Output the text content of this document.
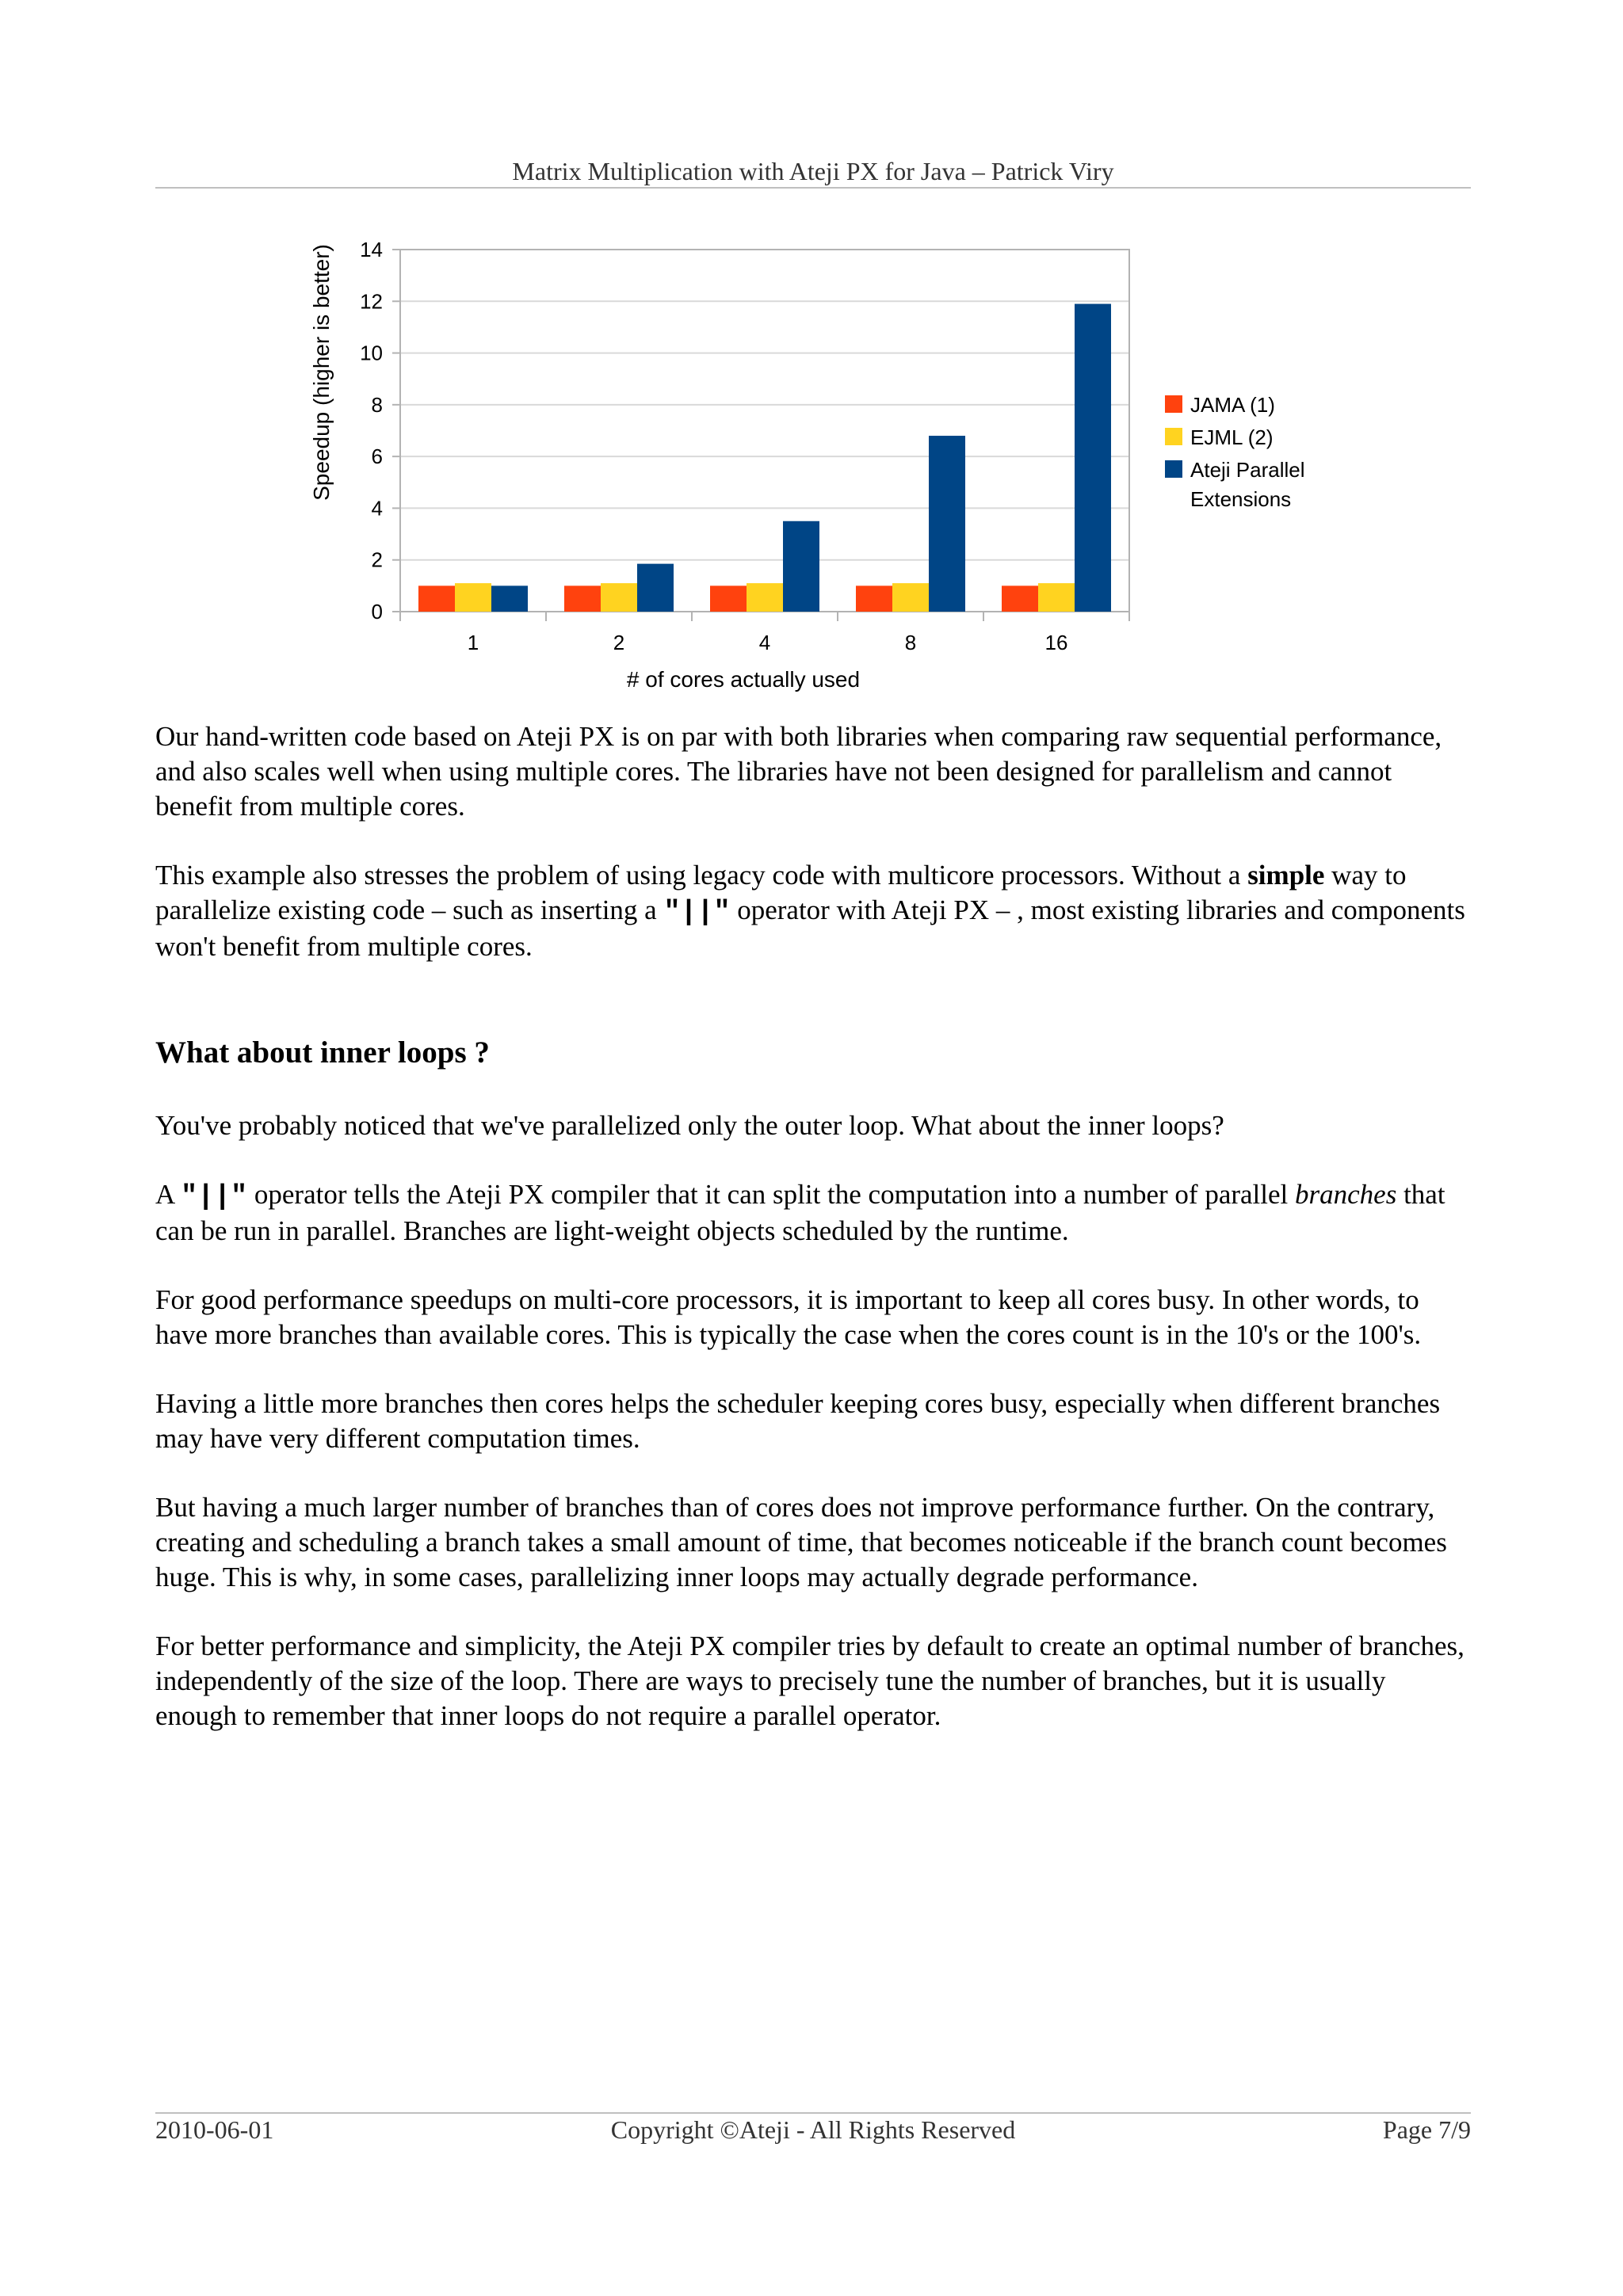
Matrix Multiplication with Ateji PX for Java – Patrick Viry
Speedup (higher is better)
# of cores actually used
0
2
4
6
8
10
12
14
1	2	4	8	16
JAMA (1)
EJML (2)
Ateji Parallel
Extensions

Our hand-written code based on Ateji PX is on par with both libraries when comparing raw sequential performance, and also scales well when using multiple cores. The libraries have not been designed for parallelism and cannot benefit from multiple cores.

This example also stresses the problem of using legacy code with multicore processors. Without a simple way to parallelize existing code – such as inserting a "||" operator with Ateji PX – , most existing libraries and components won't benefit from multiple cores.

What about inner loops ?

You've probably noticed that we've parallelized only the outer loop. What about the inner loops?

A "||" operator tells the Ateji PX compiler that it can split the computation into a number of parallel branches that can be run in parallel. Branches are light-weight objects scheduled by the runtime.

For good performance speedups on multi-core processors, it is important to keep all cores busy. In other words, to have more branches than available cores. This is typically the case when the cores count is in the 10's or the 100's.

Having a little more branches then cores helps the scheduler keeping cores busy, especially when different branches may have very different computation times.

But having a much larger number of branches than of cores does not improve performance further. On the contrary, creating and scheduling a branch takes a small amount of time, that becomes noticeable if the branch count becomes huge. This is why, in some cases, parallelizing inner loops may actually degrade performance.

For better performance and simplicity, the Ateji PX compiler tries by default to create an optimal number of branches, independently of the size of the loop. There are ways to precisely tune the number of branches, but it is usually enough to remember that inner loops do not require a parallel operator.

2010-06-01	Copyright ©Ateji - All Rights Reserved	Page 7/9
